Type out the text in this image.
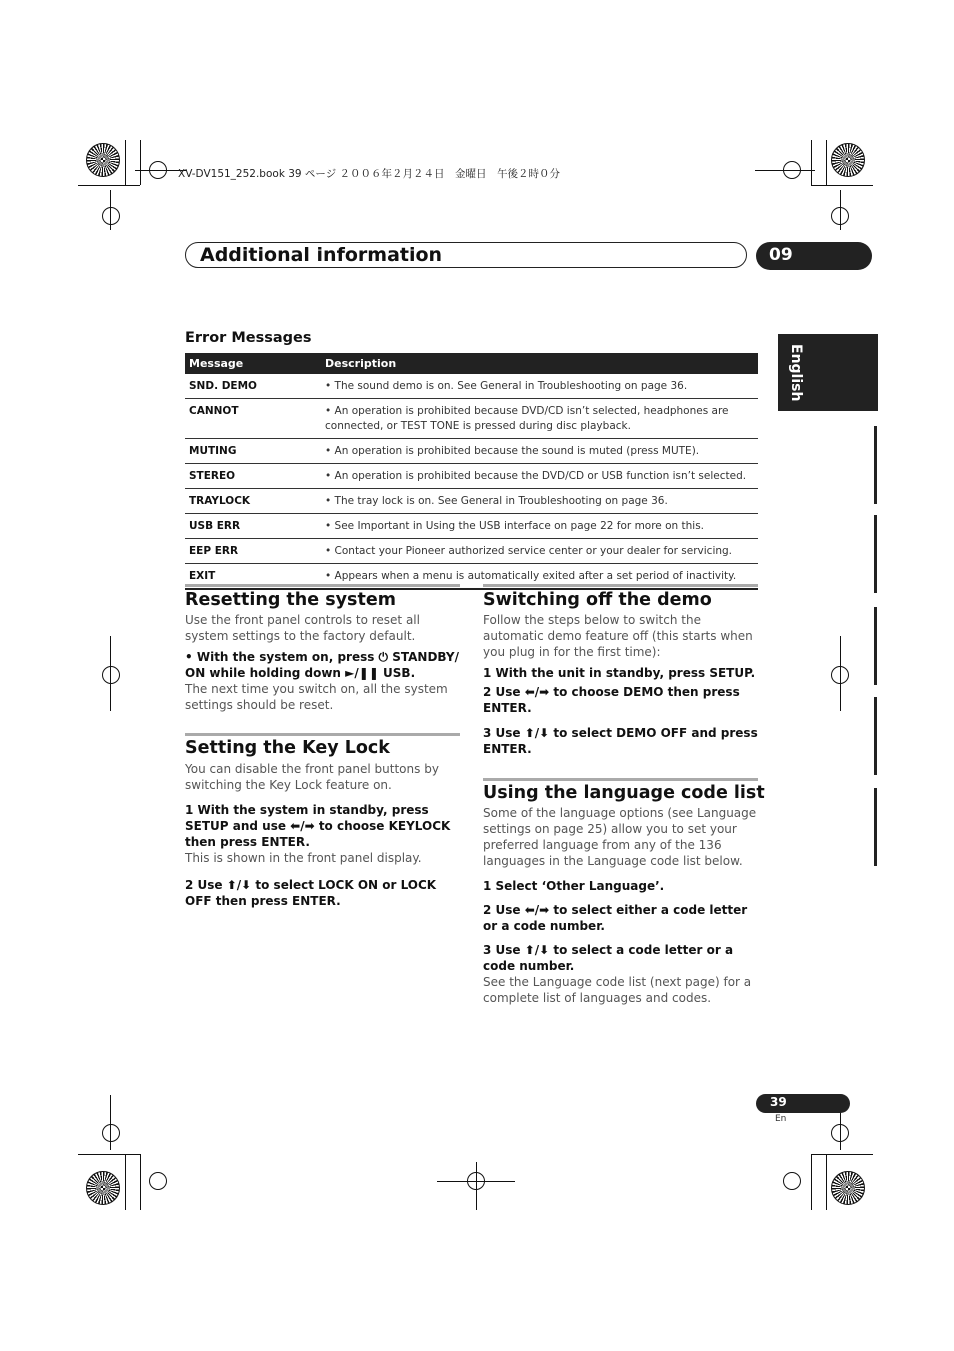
XV-DV151_252.book 39 ページ ２００６年２月２４日　金曜日　午後２時０分
Additional information	09
English
Error Messages
Message	Description
SND. DEMO	• The sound demo is on. See General in Troubleshooting on page 36.
CANNOT	• An operation is prohibited because DVD/CD isn’t selected, headphones are connected, or TEST TONE is pressed during disc playback.
MUTING	• An operation is prohibited because the sound is muted (press MUTE).
STEREO	• An operation is prohibited because the DVD/CD or USB function isn’t selected.
TRAYLOCK	• The tray lock is on. See General in Troubleshooting on page 36.
USB ERR	• See Important in Using the USB interface on page 22 for more on this.
EEP ERR	• Contact your Pioneer authorized service center or your dealer for servicing.
EXIT	• Appears when a menu is automatically exited after a set period of inactivity.
Resetting the system
Use the front panel controls to reset all system settings to the factory default.
• With the system on, press ⏻ STANDBY/ ON while holding down ►/❚❚ USB.
The next time you switch on, all the system settings should be reset.
Setting the Key Lock
You can disable the front panel buttons by switching the Key Lock feature on.
1 With the system in standby, press SETUP and use ⬅/➡ to choose KEYLOCK then press ENTER.
This is shown in the front panel display.
2 Use ⬆/⬇ to select LOCK ON or LOCK OFF then press ENTER.
Switching off the demo
Follow the steps below to switch the automatic demo feature off (this starts when you plug in for the first time):
1 With the unit in standby, press SETUP.
2 Use ⬅/➡ to choose DEMO then press ENTER.
3 Use ⬆/⬇ to select DEMO OFF and press ENTER.
Using the language code list
Some of the language options (see Language settings on page 25) allow you to set your preferred language from any of the 136 languages in the Language code list below.
1 Select ‘Other Language’.
2 Use ⬅/➡ to select either a code letter or a code number.
3 Use ⬆/⬇ to select a code letter or a code number.
See the Language code list (next page) for a complete list of languages and codes.
39
En
